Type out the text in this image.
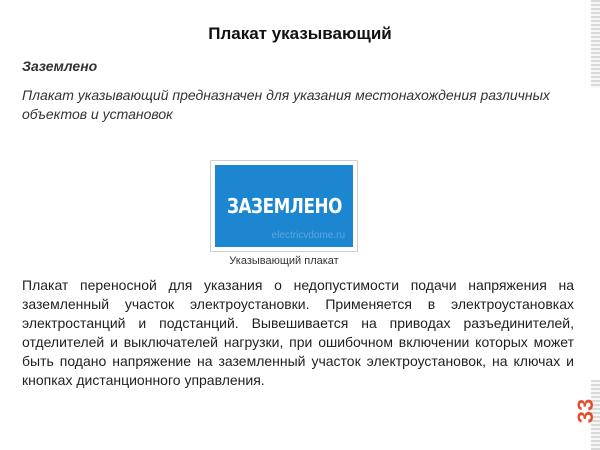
Плакат указывающий
Заземлено
Плакат указывающий предназначен для указания местонахождения различных объектов и установок
ЗАЗЕМЛЕНО
electricvdome.ru
Указывающий плакат
Плакат переносной для указания о недопустимости подачи напряжения на заземленный участок электроустановки. Применяется в электроустановках электростанций и подстанций. Вывешивается на приводах разъединителей, отделителей и выключателей нагрузки, при ошибочном включении которых может быть подано напряжение на заземленный участок электроустановок, на ключах и кнопках дистанционного управления.
33
